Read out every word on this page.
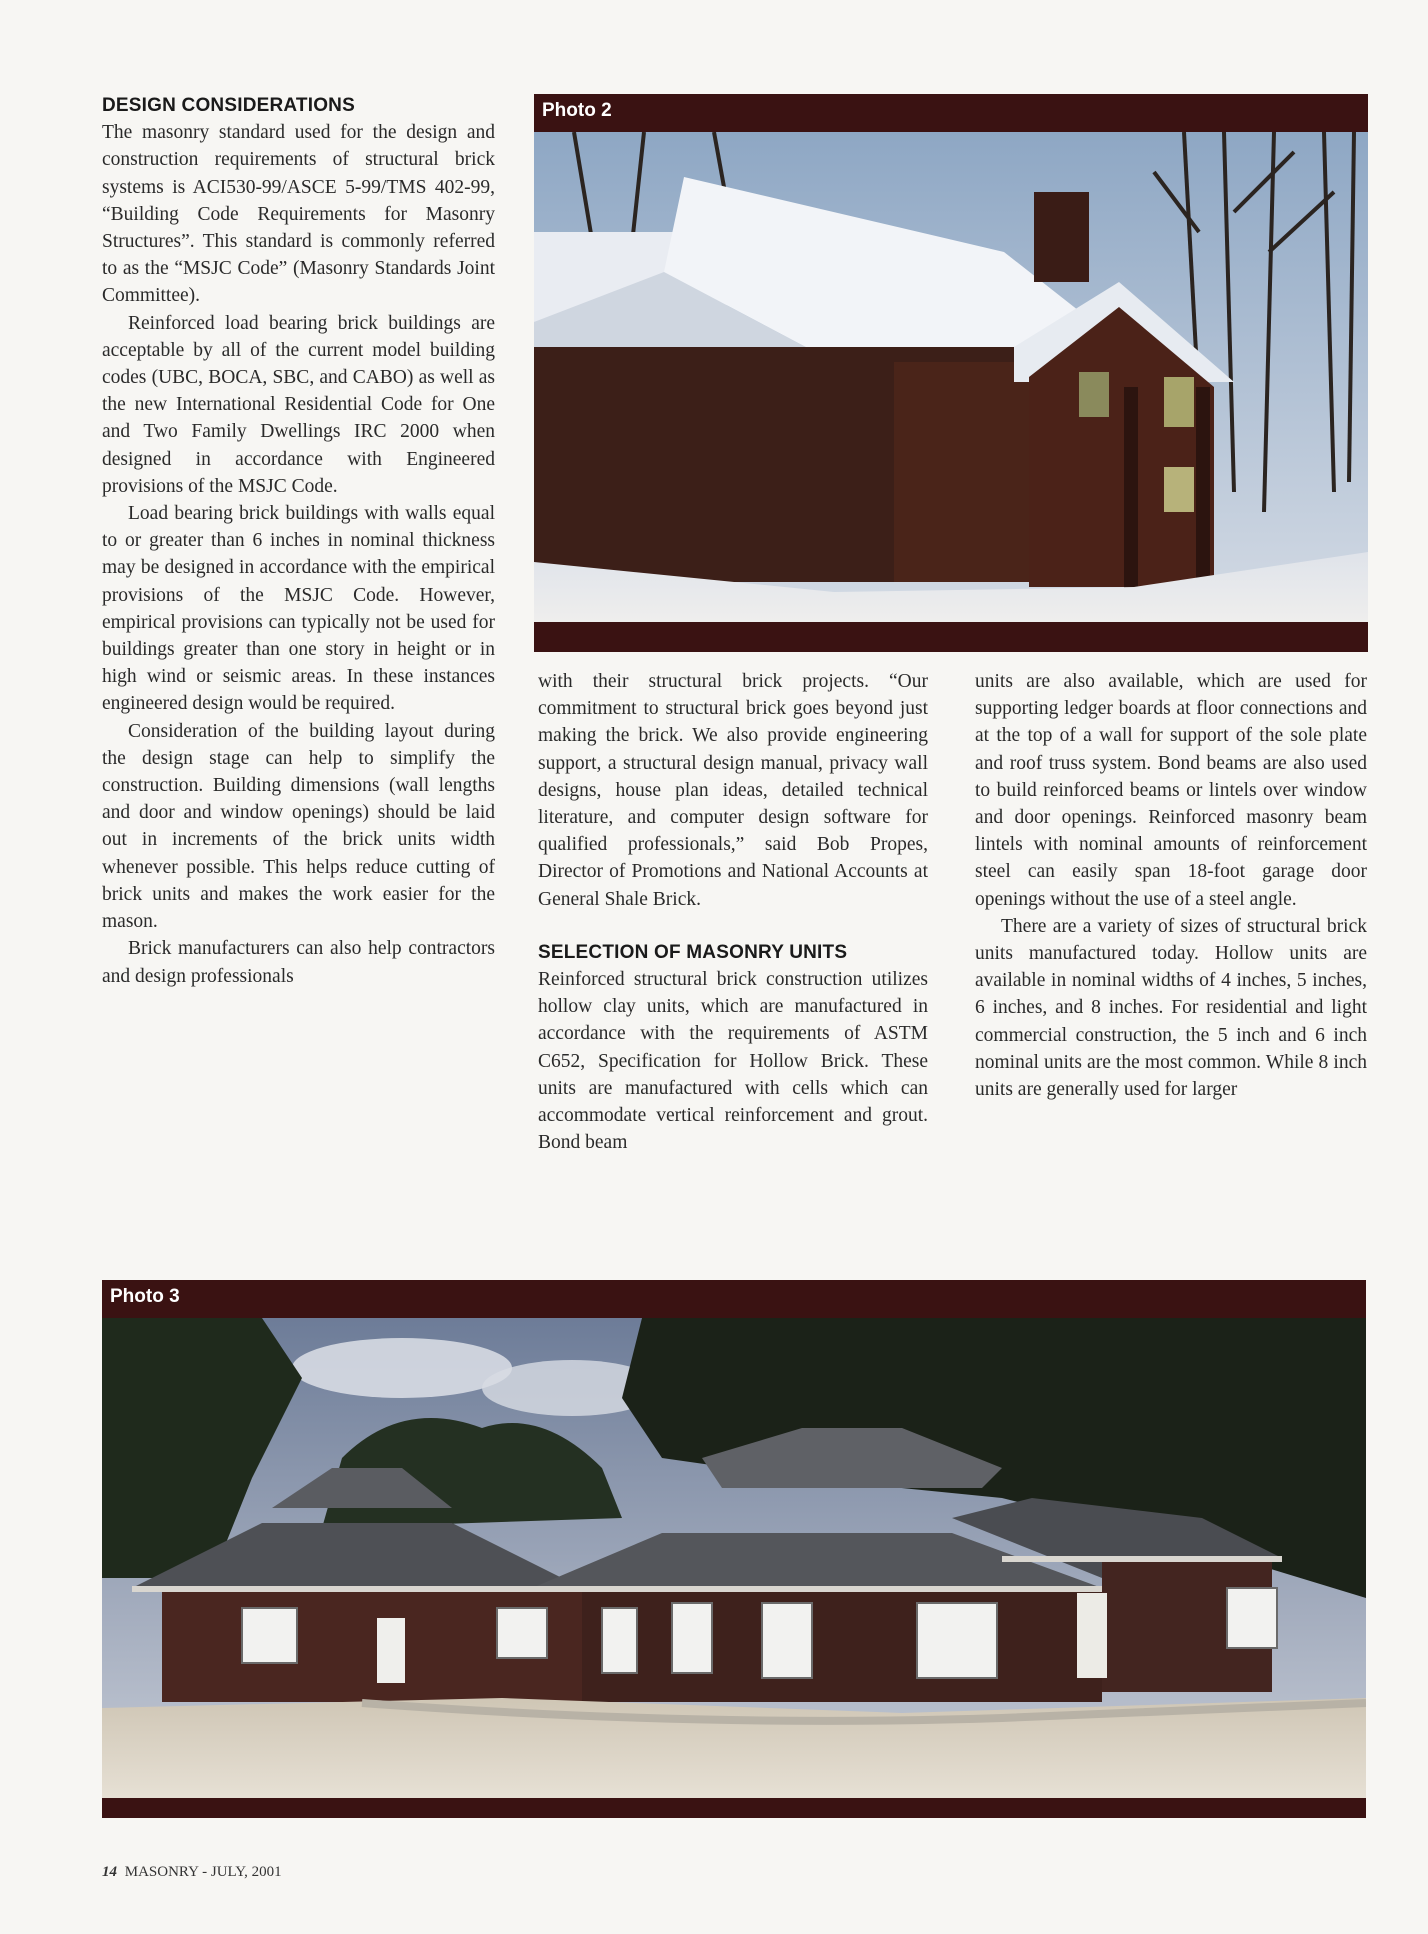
DESIGN CONSIDERATIONS

The masonry standard used for the design and construction requirements of structural brick systems is ACI530-99/ASCE 5-99/TMS 402-99, “Building Code Requirements for Masonry Structures”. This standard is commonly referred to as the “MSJC Code” (Masonry Standards Joint Committee).

Reinforced load bearing brick buildings are acceptable by all of the current model building codes (UBC, BOCA, SBC, and CABO) as well as the new International Residential Code for One and Two Family Dwellings IRC 2000 when designed in accordance with Engineered provisions of the MSJC Code.

Load bearing brick buildings with walls equal to or greater than 6 inches in nominal thickness may be designed in accordance with the empirical provisions of the MSJC Code. However, empirical provisions can typically not be used for buildings greater than one story in height or in high wind or seismic areas. In these instances engineered design would be required.

Consideration of the building layout during the design stage can help to simplify the construction. Building dimensions (wall lengths and door and window openings) should be laid out in increments of the brick units width whenever possible. This helps reduce cutting of brick units and makes the work easier for the mason.

Brick manufacturers can also help contractors and design professionals

Photo 2

with their structural brick projects. “Our commitment to structural brick goes beyond just making the brick. We also provide engineering support, a structural design manual, privacy wall designs, house plan ideas, detailed technical literature, and computer design software for qualified professionals,” said Bob Propes, Director of Promotions and National Accounts at General Shale Brick.

SELECTION OF MASONRY UNITS

Reinforced structural brick construction utilizes hollow clay units, which are manufactured in accordance with the requirements of ASTM C652, Specification for Hollow Brick. These units are manufactured with cells which can accommodate vertical reinforcement and grout. Bond beam

units are also available, which are used for supporting ledger boards at floor connections and at the top of a wall for support of the sole plate and roof truss system. Bond beams are also used to build reinforced beams or lintels over window and door openings. Reinforced masonry beam lintels with nominal amounts of reinforcement steel can easily span 18-foot garage door openings without the use of a steel angle.

There are a variety of sizes of structural brick units manufactured today. Hollow units are available in nominal widths of 4 inches, 5 inches, 6 inches, and 8 inches. For residential and light commercial construction, the 5 inch and 6 inch nominal units are the most common. While 8 inch units are generally used for larger

Photo 3
14 MASONRY - JULY, 2001
